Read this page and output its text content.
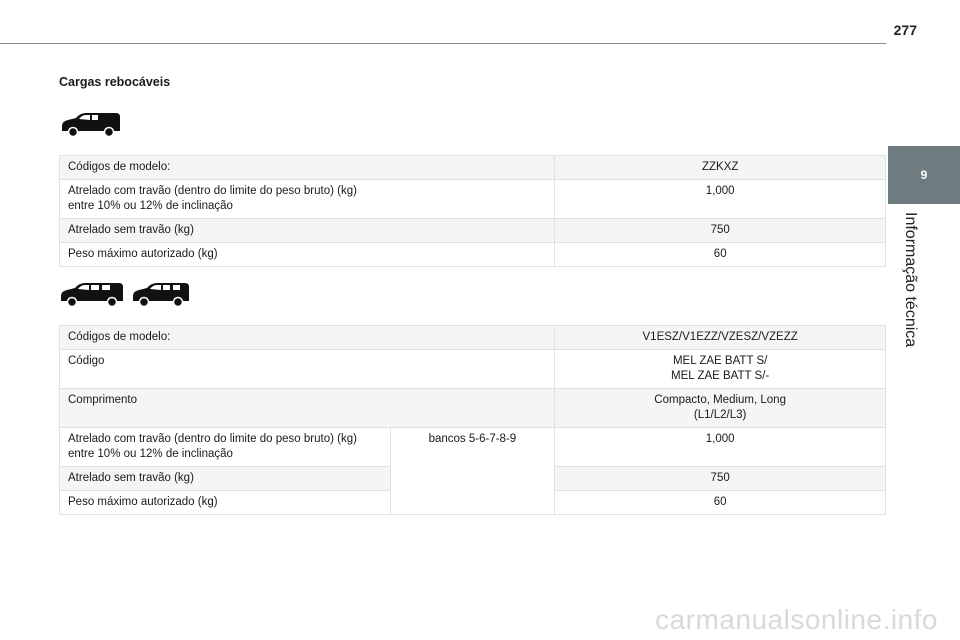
277
Cargas rebocáveis
Códigos de modelo:	ZZKXZ
Atrelado com travão (dentro do limite do peso bruto) (kg)
entre 10% ou 12% de inclinação	1,000
Atrelado sem travão (kg)	750
Peso máximo autorizado (kg)	60
Códigos de modelo:		V1ESZ/V1EZZ/VZESZ/VZEZZ
Código		MEL ZAE BATT S/
MEL ZAE BATT S/-
Comprimento		Compacto, Medium, Long
(L1/L2/L3)
Atrelado com travão (dentro do limite do peso bruto) (kg)
entre 10% ou 12% de inclinação	bancos 5-6-7-8-9	1,000
Atrelado sem travão (kg)		750
Peso máximo autorizado (kg)		60
9
Informação técnica
carmanualsonline.info
